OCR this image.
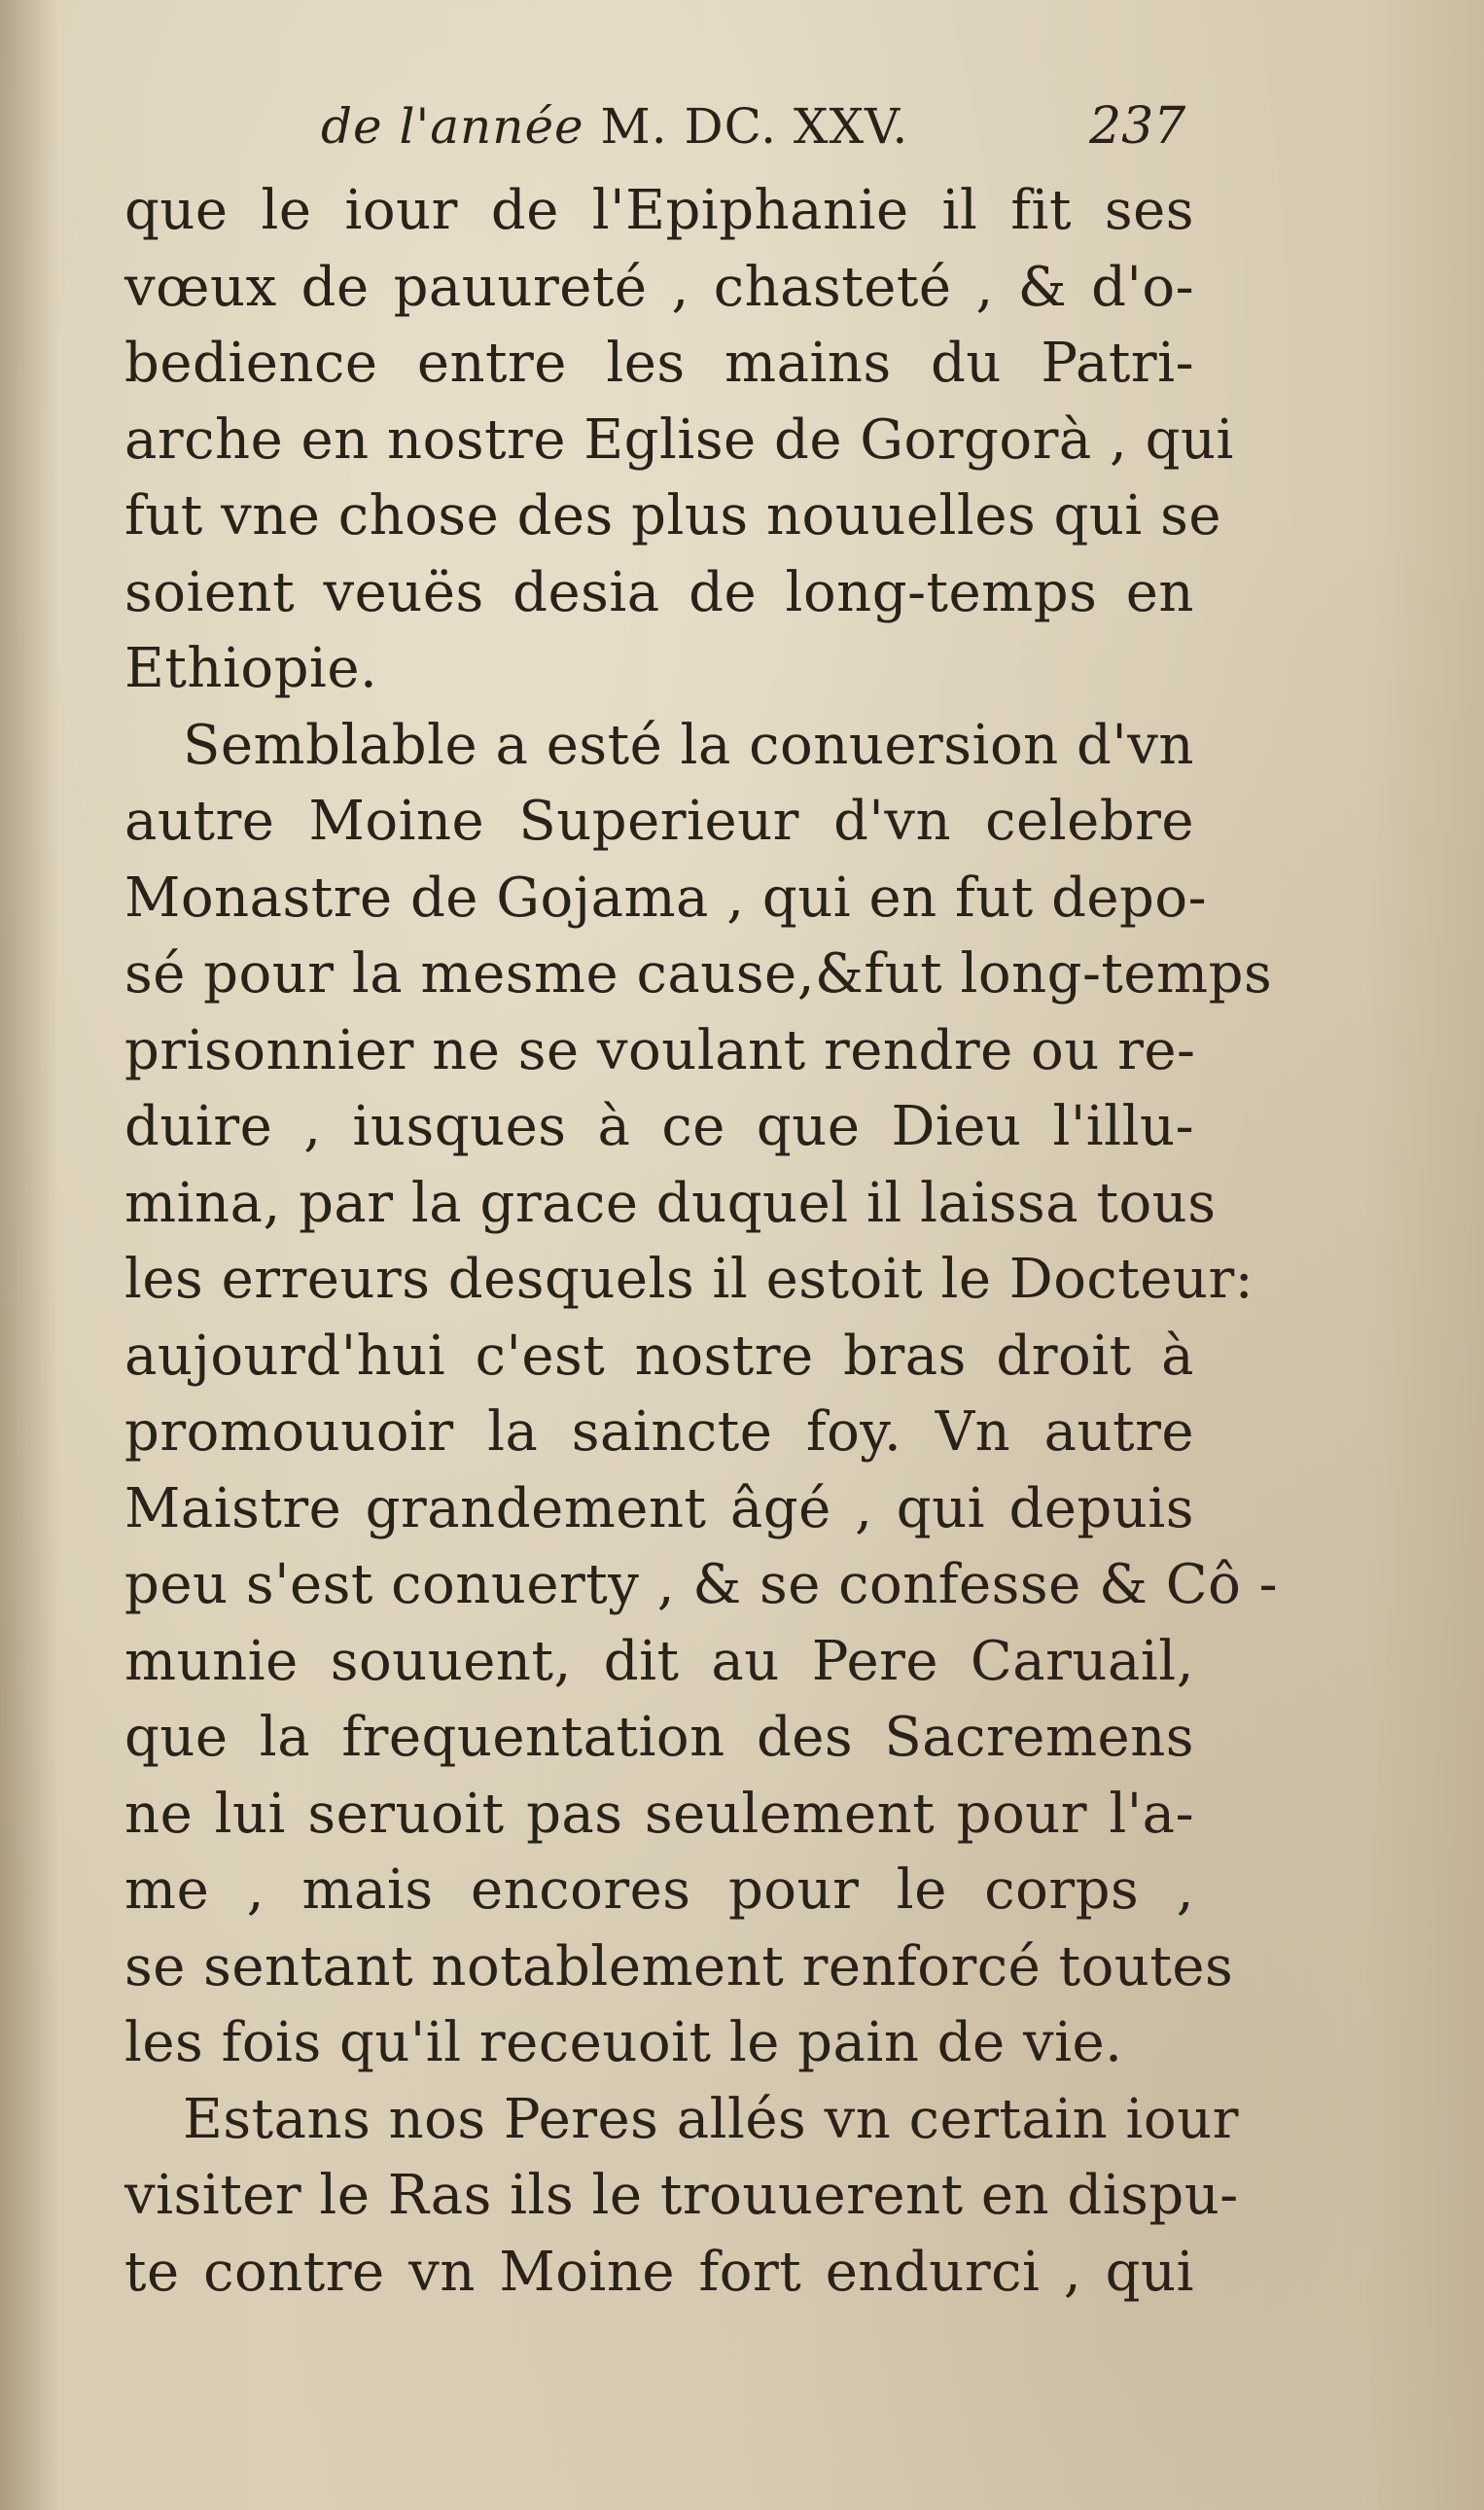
de l'année M. DC. XXV.	237
que le iour de l'Epiphanie il fit ses
vœux de pauureté , chasteté , & d'o-
bedience entre les mains du Patri-
arche en nostre Eglise de Gorgorà , qui
fut vne chose des plus nouuelles qui se
soient veuës desia de long-temps en
Ethiopie.
Semblable a esté la conuersion d'vn
autre Moine Superieur d'vn celebre
Monastre de Gojama , qui en fut depo-
sé pour la mesme cause,&fut long-temps
prisonnier ne se voulant rendre ou re-
duire , iusques à ce que Dieu l'illu-
mina, par la grace duquel il laissa tous
les erreurs desquels il estoit le Docteur:
aujourd'hui c'est nostre bras droit à
promouuoir la saincte foy. Vn autre
Maistre grandement âgé , qui depuis
peu s'est conuerty , & se confesse & Cô -
munie souuent, dit au Pere Caruail,
que la frequentation des Sacremens
ne lui seruoit pas seulement pour l'a-
me , mais encores pour le corps ,
se sentant notablement renforcé toutes
les fois qu'il receuoit le pain de vie.
Estans nos Peres allés vn certain iour
visiter le Ras ils le trouuerent en dispu-
te contre vn Moine fort endurci , qui
